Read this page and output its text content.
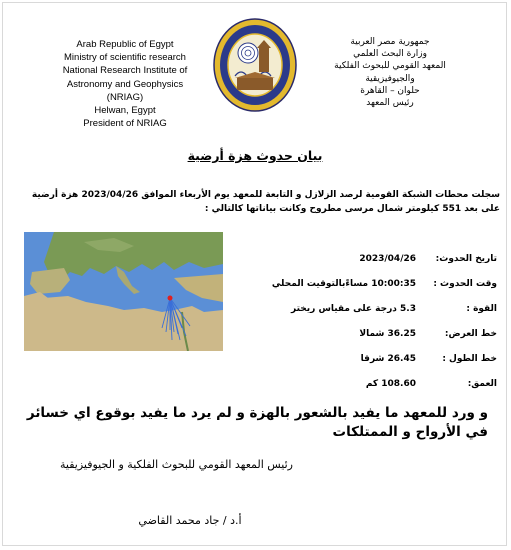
Arab Republic of Egypt
Ministry of scientific research
National Research Institute of
Astronomy and Geophysics
(NRIAG)
Helwan, Egypt
President of NRIAG
جمهورية مصر العربية
وزارة البحث العلمي
المعهد القومي للبحوث الفلكية
والجيوفيزيقية
حلوان – القاهرة
رئيس المعهد
بيان حدوث هزة أرضية
سجلت محطات الشبكة القومية لرصد الزلازل و التابعة للمعهد يوم الأربعاء الموافق 2023/04/26 هزة أرضية على بعد 551 كيلومتر شمال مرسى مطروح وكانت بياناتها كالتالي :
تاريخ الحدوث:
2023/04/26
وقت الحدوث :
10:00:35 مساءًبالتوقيت المحلي
القوة :
5.3 درجة على مقياس ريختر
خط العرض:
36.25 شمالا
خط الطول :
26.45 شرقا
العمق:
108.60 كم
و ورد للمعهد ما يفيد بالشعور بالهزة و لم يرد ما يفيد بوقوع اي خسائر في الأرواح و الممتلكات
رئيس المعهد القومي للبحوث الفلكية و الجيوفيزيقية
أ.د / جاد محمد القاضي
